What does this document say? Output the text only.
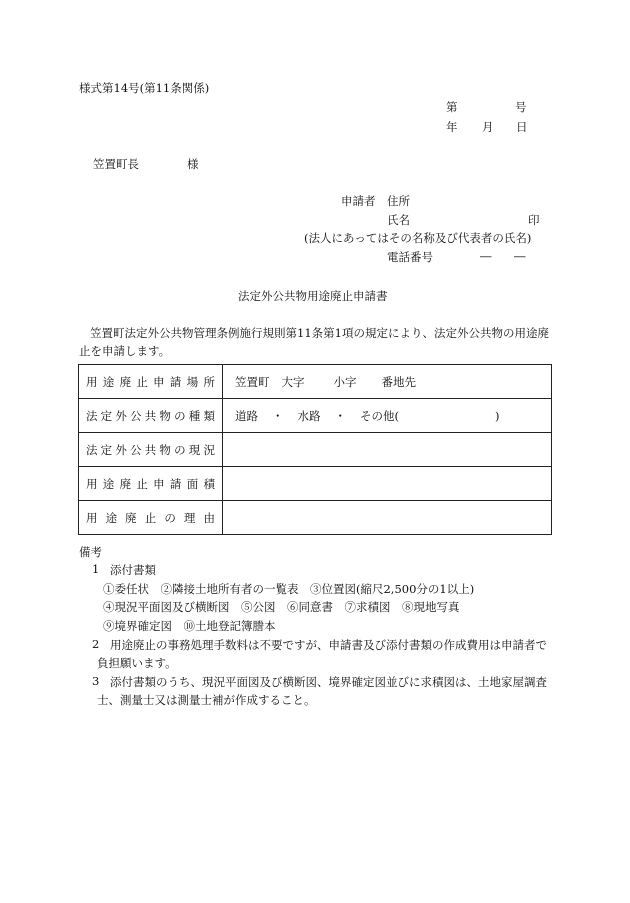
様式第14号(第11条関係)
第	号
年 月 日
笠置町長	様
申請者 住所
氏名	印
(法人にあってはその名称及び代表者の氏名)
電話番号	― ―
法定外公共物用途廃止申請書
笠置町法定外公共物管理条例施行規則第11条第1項の規定により、法定外公共物の用途廃
止を申請します。
用途廃止申請場所	笠置町 大字 小字 番地先

法定外公共物の種類	道路 ・ 水路 ・ その他( )

法定外公共物の現況	

用途廃止申請面積	

用途廃止の理由	

備考
1 添付書類
①委任状　②隣接土地所有者の一覧表　③位置図(縮尺2,500分の1以上)
④現況平面図及び横断図　⑤公図　⑥同意書　⑦求積図　⑧現地写真
⑨境界確定図　⑩土地登記簿謄本
2 用途廃止の事務処理手数料は不要ですが、申請書及び添付書類の作成費用は申請者で
負担願います。
3 添付書類のうち、現況平面図及び横断図、境界確定図並びに求積図は、土地家屋調査
士、測量士又は測量士補が作成すること。
